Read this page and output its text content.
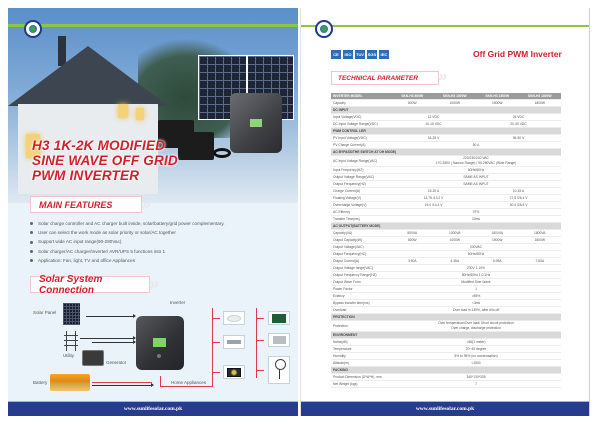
H3 1K-2K MODIFIED
SINE WAVE OFF GRID
PWM INVERTER
MAIN FEATURES »
Solar charge controller and AC charger built inside, solar/battery/grid power complementary.
User can select the work mode as solar priority or solar/AC together
Support wide AC input range(90-280Vac)
Solar charger/AC charger/Inverter/ AVR/UPS 5 functions into 1
Application: Fan, light, TV and office Appliances
Solar System Connection »
Solar Panel
Utility
Generator
Battery
Inverter
Home Appliances
www.sunlifesolar.com.pk
CE	ISO	TUV SGS	IEC	Off Grid PWM Inverter
TECHNICAL PARAMETER »
INVERTER MODEL	SKN-H3 800W	SKN-H3 1000W	SKN-H3 1500W	SKN-H3 1800W
Capacity	800W	1000W	1500W	1800W
DC INPUT				
Input Voltage(VDC)	12 VDC		24 VDC	
DC Input Voltage Range(VDC)	10-15 VDC		20-30 VDC	
PWM CONTROL LER				
PV Input Voltage(VDC)	18-25 V		36-50 V	
PV Charge Current(A)	50 A			
AC BYPASS/THE SWITCH AT OH MODE)				
AC Input Voltage Range(VAC)	220/230/240 VAC
170-280V ( Narrow Range) / 90-280VAC (Wide Range)			

Input Frequency(HZ)	50Hz/60Hz			
Output Voltage Range(VAC)	SAME AS INPUT			
Output Frequency(HZ)	SAME AS INPUT			
Charge Current(A)	15-20 A		10-15 A	
Floating Voltage(V)	13.75 /13.2 V		27.5 /26.4 V	
Overcharge Voltage(V)	15.0 /14.4 V		30.0 /28.8 V	
AC Effiency	97%			
Transfer Time(ms)	10ms			
AC OUTPUT(BATTERY MODE)				
Capacity(VA)	800VA	1000VA	1600VA	1800VA
Output Capacity(W)	800W	1000W	1500W	1800W
Output Voltage(VAC)	230VAC			
Output Frequency(HZ)	50Hz/60Hz			
Output Current(A)	3.50A	4.35A	6.95A	7.83A
Output Voltage range(VAC)	230V 1.10%			
Output Frequency Range(HZ)	50Hz/60Hz 1.0.1Hz			
Output Wave Form	Modified Sine Wave			
Power Factor	1			
Eciency	>85%			
Bypass transfer time(ms)	<3ms			
Overload	Over load in 130%, after 60s off			
PROTECTION				
Protection	Over temperature/Over load/ Short circuit protection
Over charge, discharge protection			

ENVIRONMENT				
Noise(dB)	<56(1 meter)			
Temperature	20~45 degree			
Humidity	5% to 95% (no condensation)			
Altitude(m)	<1500			
PACKING				
Product Dimension (D*W*H), mm	340*130*335			
Net Weight (kgs)	7			
www.sunlifesolar.com.pk
